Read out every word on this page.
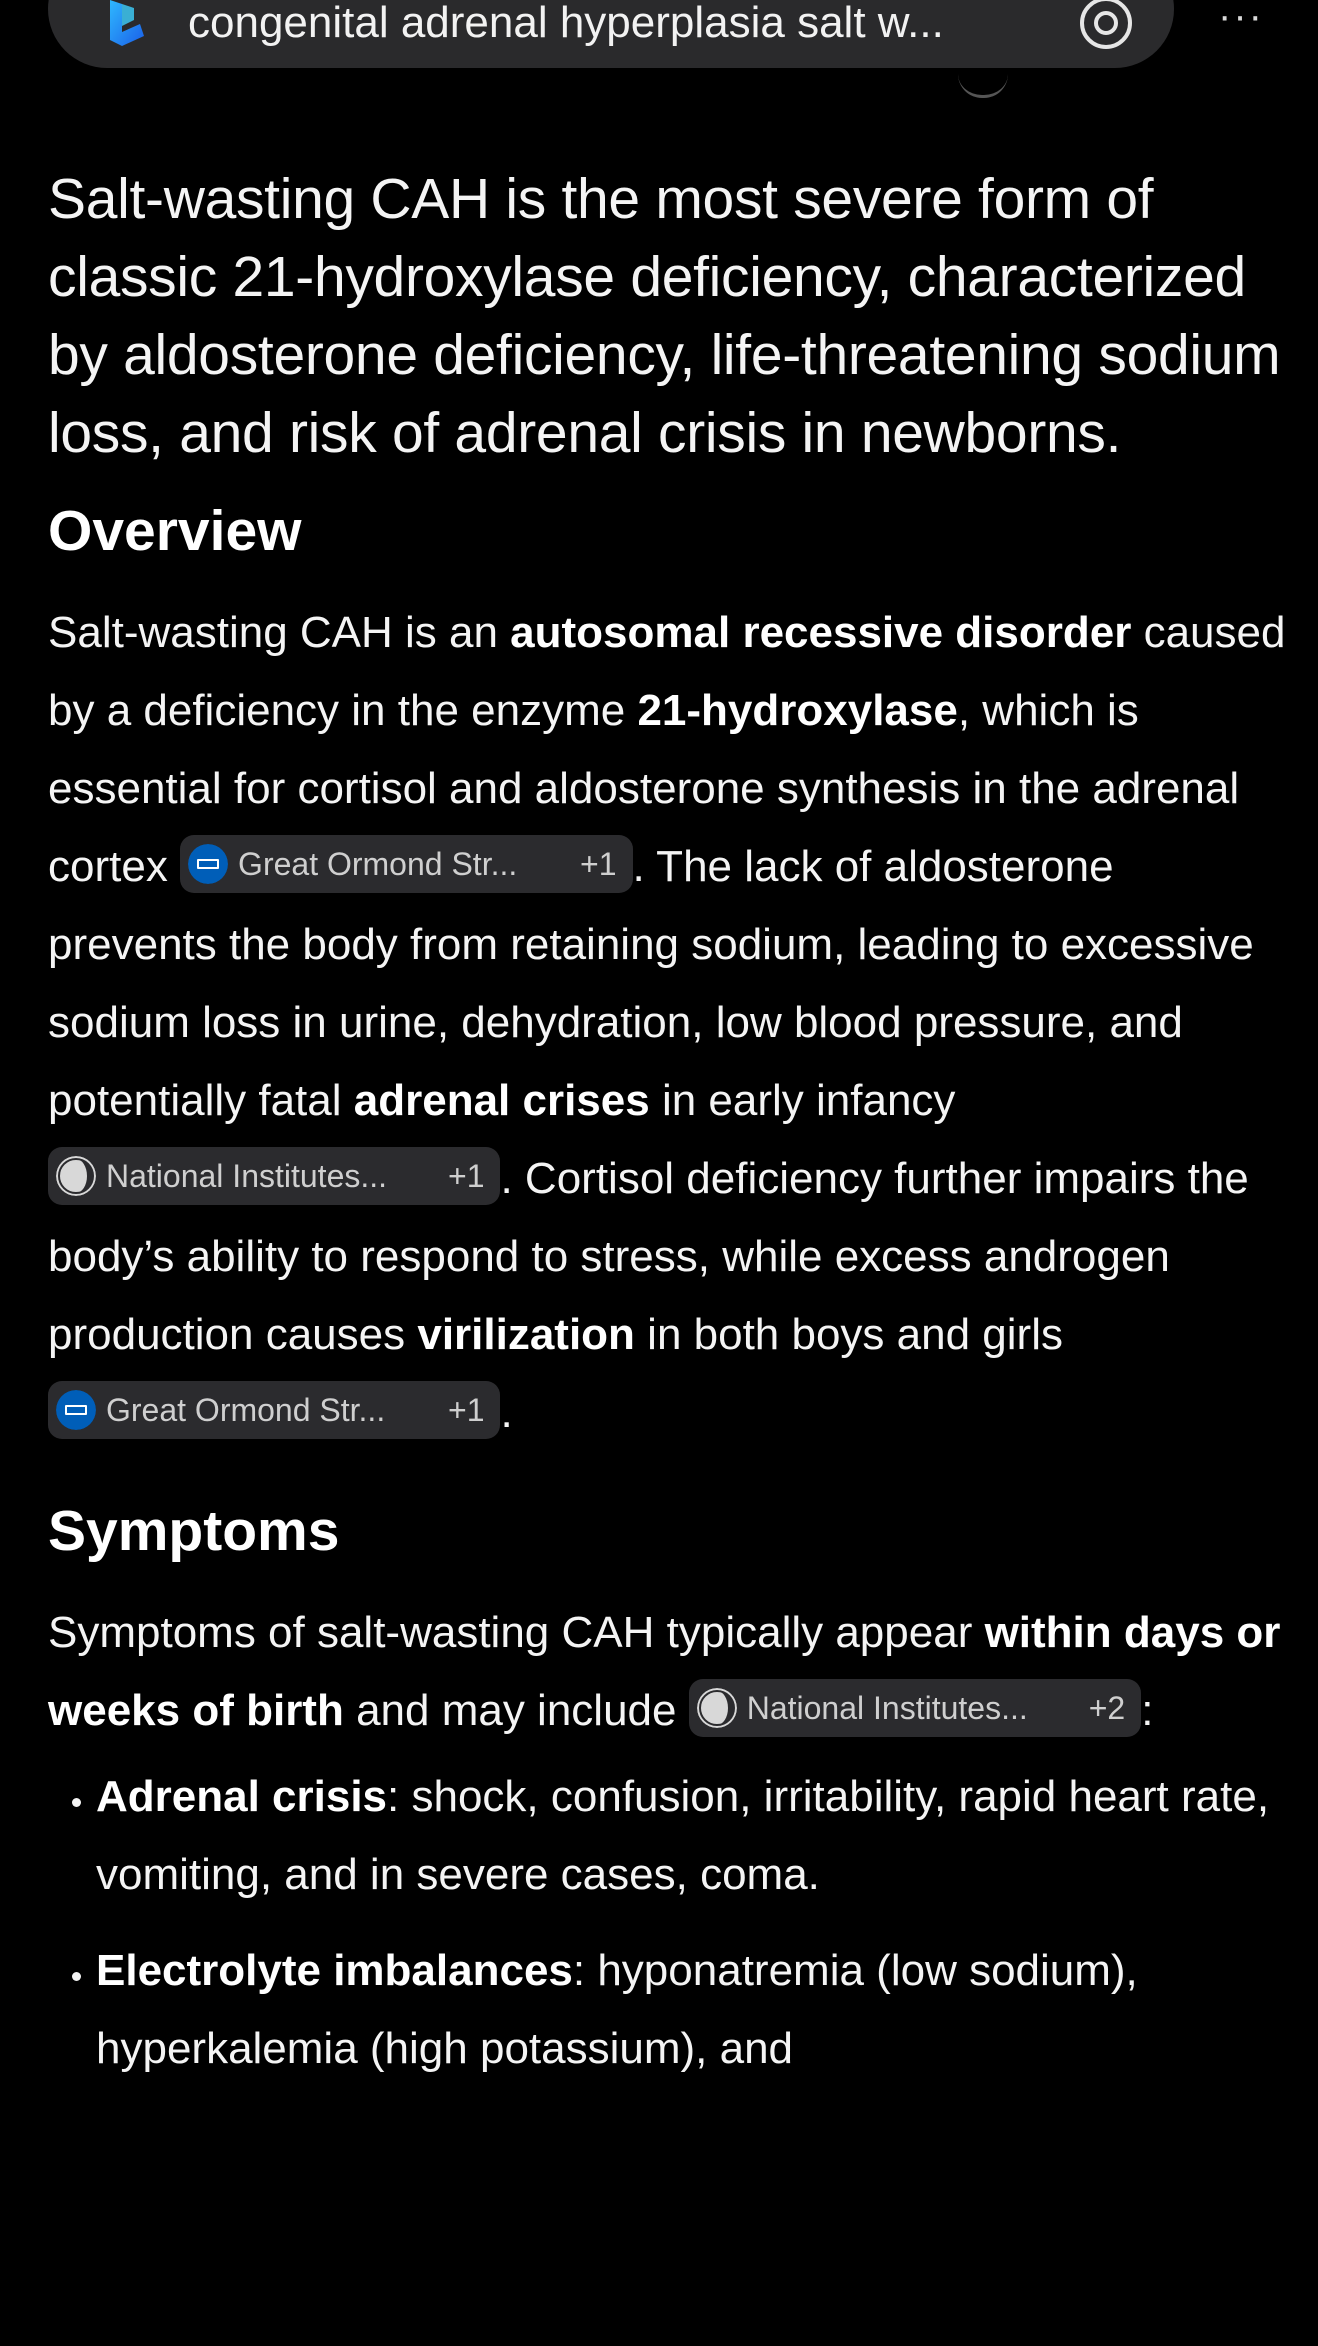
congenital adrenal hyperplasia salt w...	···

Salt-wasting CAH is the most severe form of classic 21-hydroxylase deficiency, characterized by aldosterone deficiency, life-threatening sodium loss, and risk of adrenal crisis in newborns.

Overview

Salt-wasting CAH is an autosomal recessive disorder caused by a deficiency in the enzyme 21-hydroxylase, which is essential for cortisol and aldosterone synthesis in the adrenal cortex Great Ormond Str...	+1 . The lack of aldosterone prevents the body from retaining sodium, leading to excessive sodium loss in urine, dehydration, low blood pressure, and potentially fatal adrenal crises in early infancy
National Institutes...	+1 . Cortisol deficiency further impairs the body’s ability to respond to stress, while excess androgen production causes virilization in both boys and girls
Great Ormond Str...	+1 .

Symptoms

Symptoms of salt-wasting CAH typically appear within days or weeks of birth and may include National Institutes...	+2 :

• Adrenal crisis: shock, confusion, irritability, rapid heart rate, vomiting, and in severe cases, coma.
• Electrolyte imbalances: hyponatremia (low sodium), hyperkalemia (high potassium), and
